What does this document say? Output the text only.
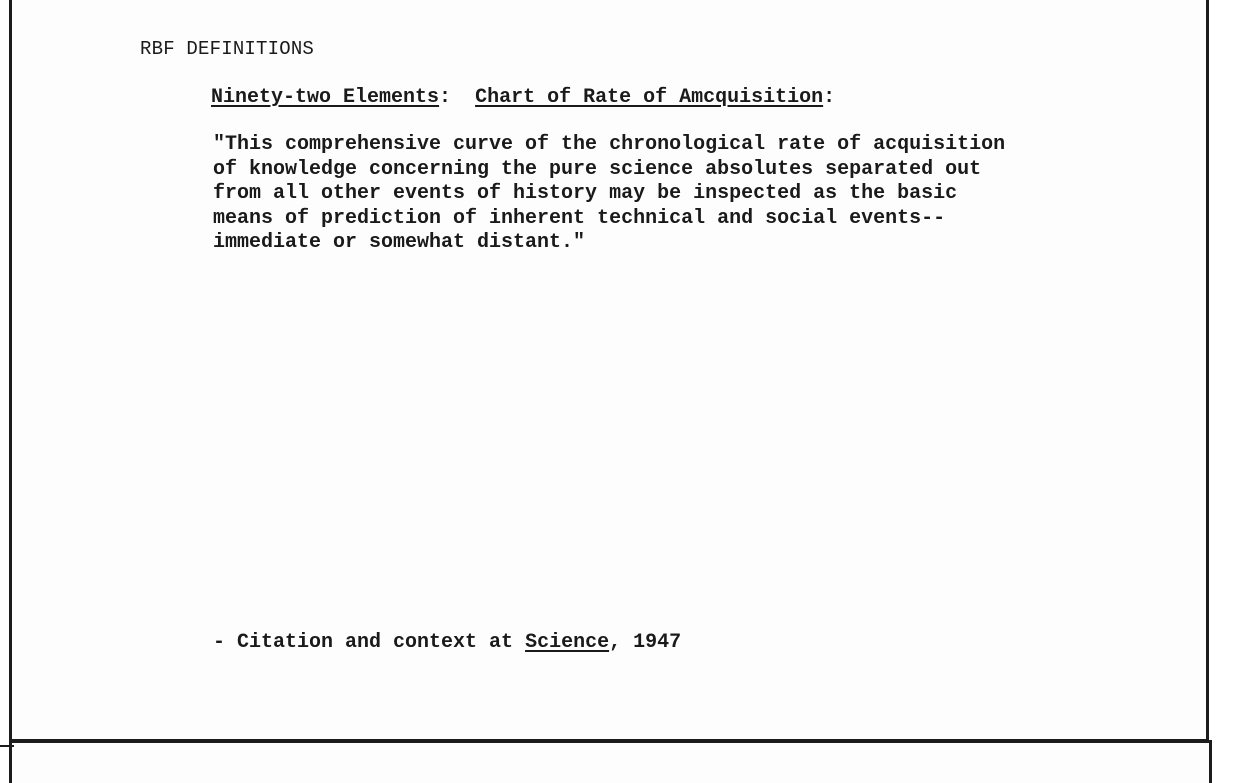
RBF DEFINITIONS
Ninety-two Elements:  Chart of Rate of Amcquisition:
"This comprehensive curve of the chronological rate of acquisition
of knowledge concerning the pure science absolutes separated out
from all other events of history may be inspected as the basic
means of prediction of inherent technical and social events--
immediate or somewhat distant."
- Citation and context at Science, 1947
